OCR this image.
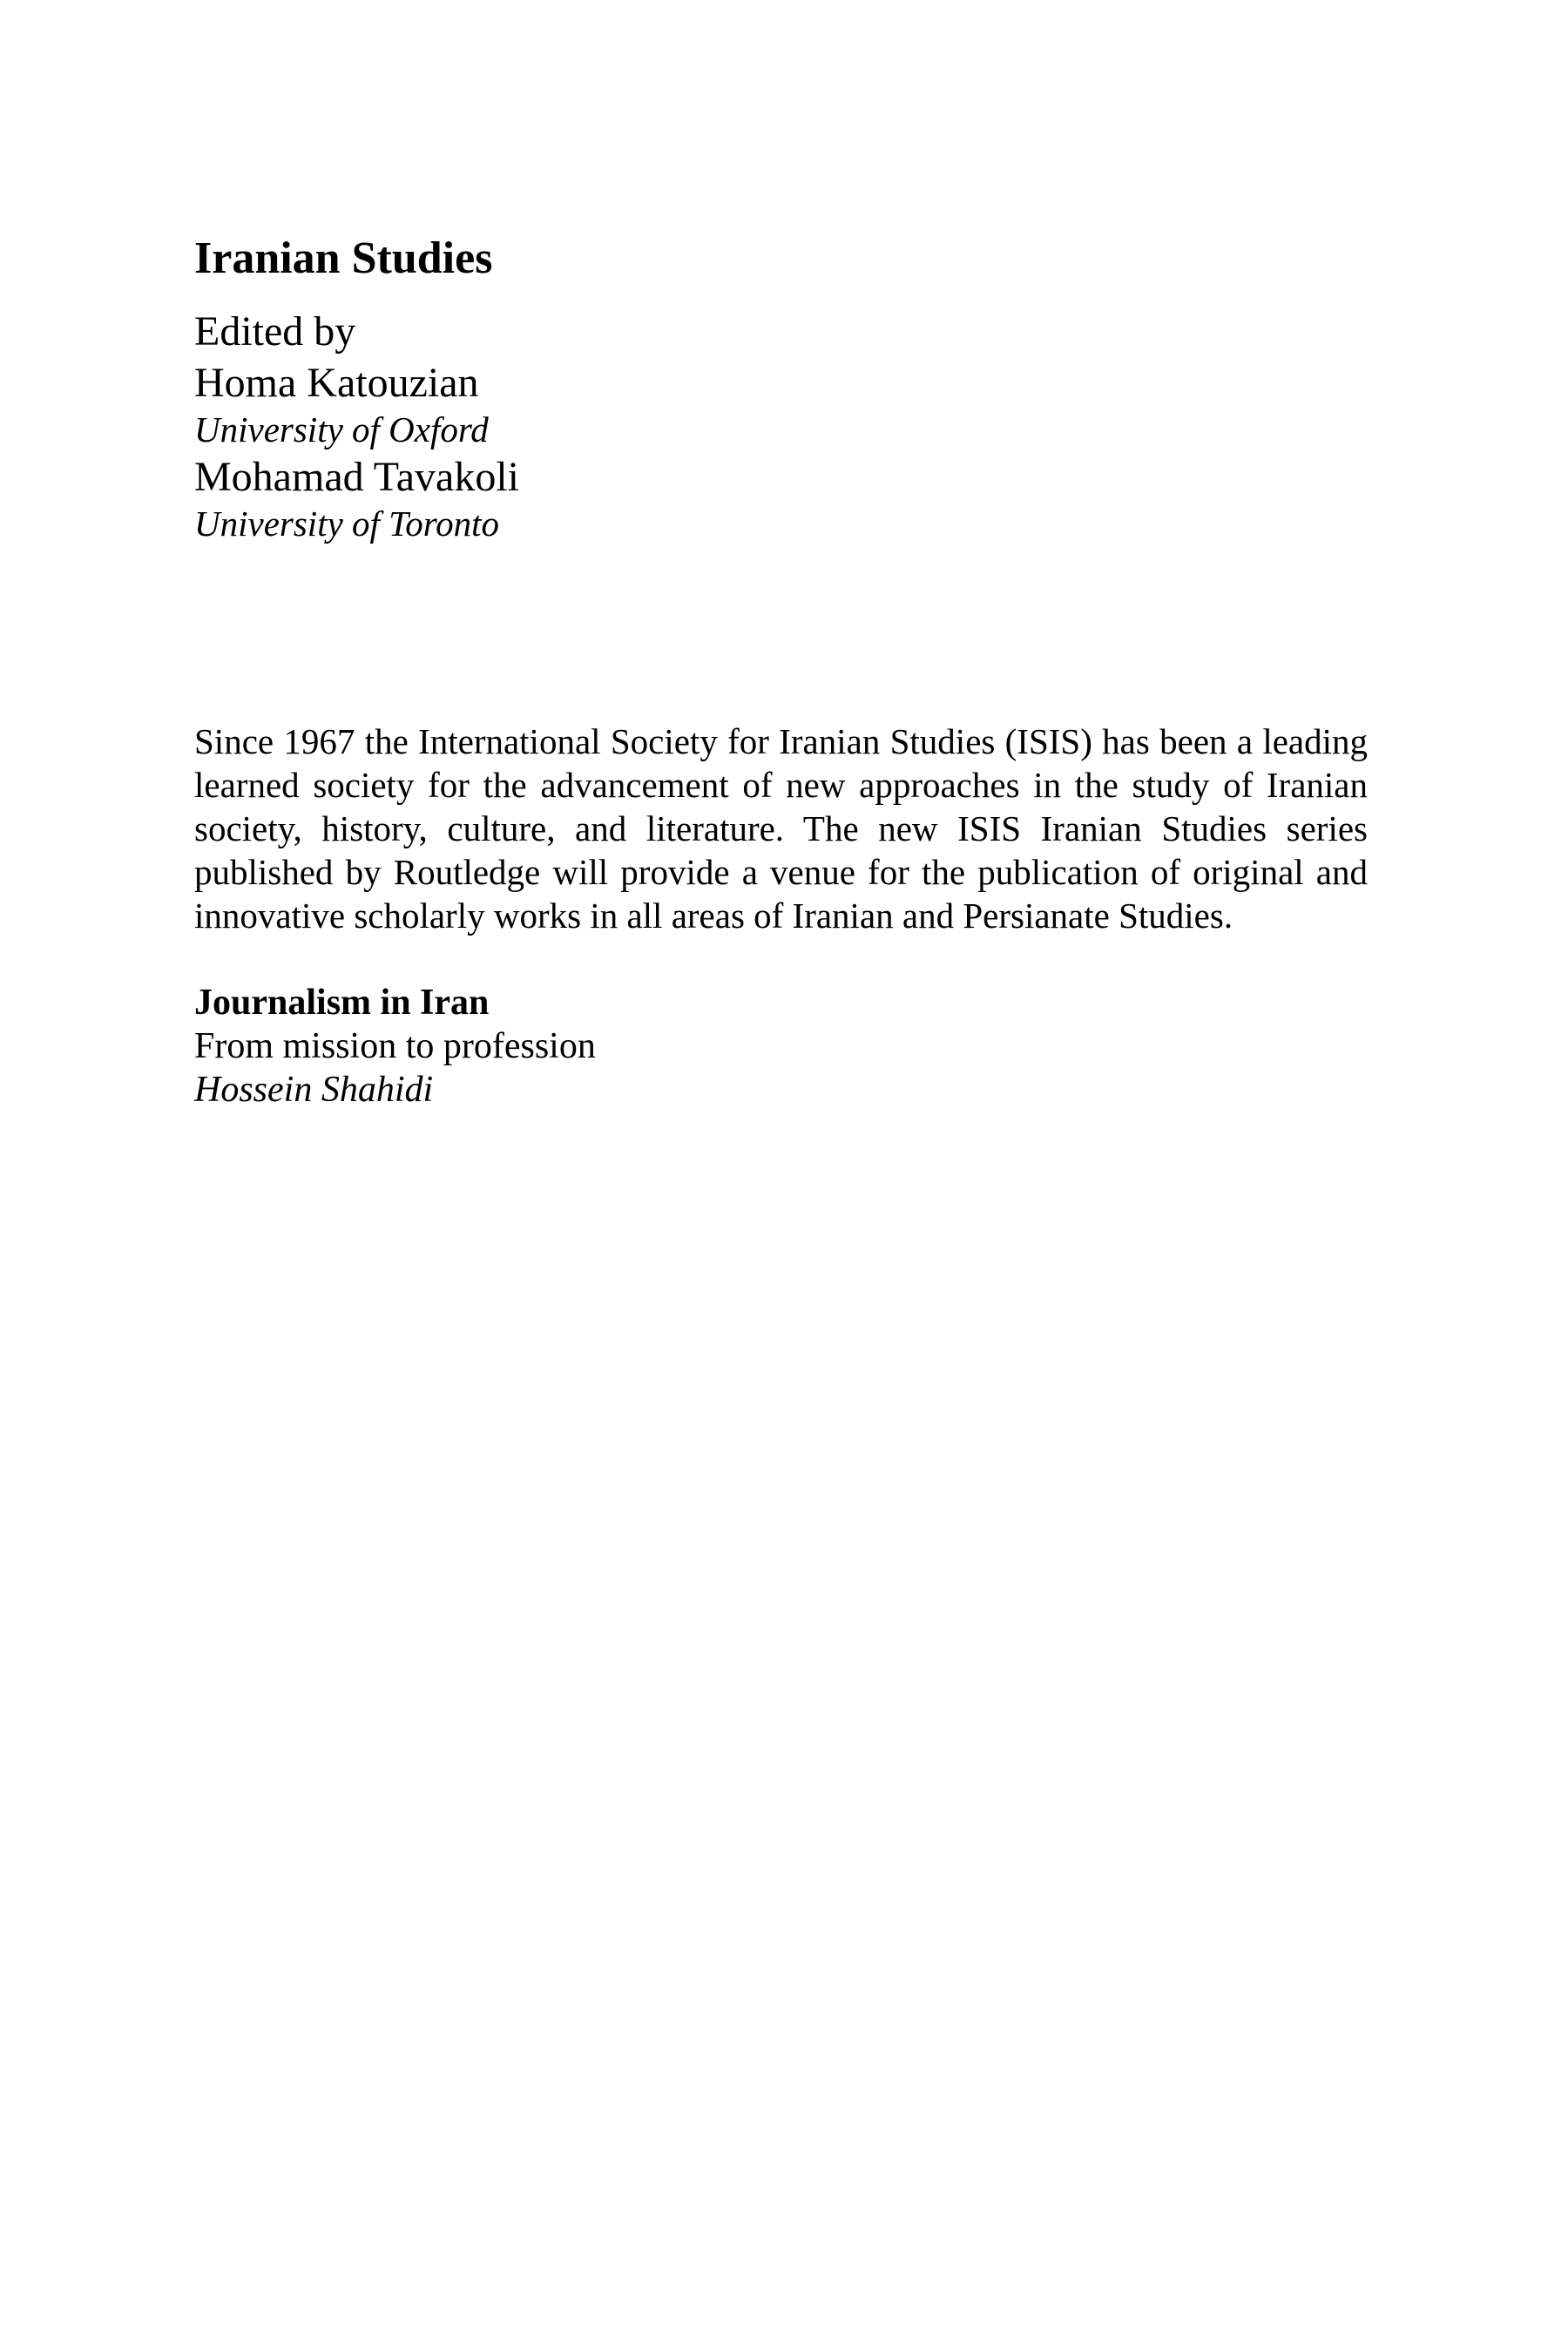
Iranian Studies
Edited by
Homa Katouzian
University of Oxford
Mohamad Tavakoli
University of Toronto
Since 1967 the International Society for Iranian Studies (ISIS) has been a leading
learned society for the advancement of new approaches in the study of Iranian
society, history, culture, and literature. The new ISIS Iranian Studies series
published by Routledge will provide a venue for the publication of original and
innovative scholarly works in all areas of Iranian and Persianate Studies.
Journalism in Iran
From mission to profession
Hossein Shahidi
